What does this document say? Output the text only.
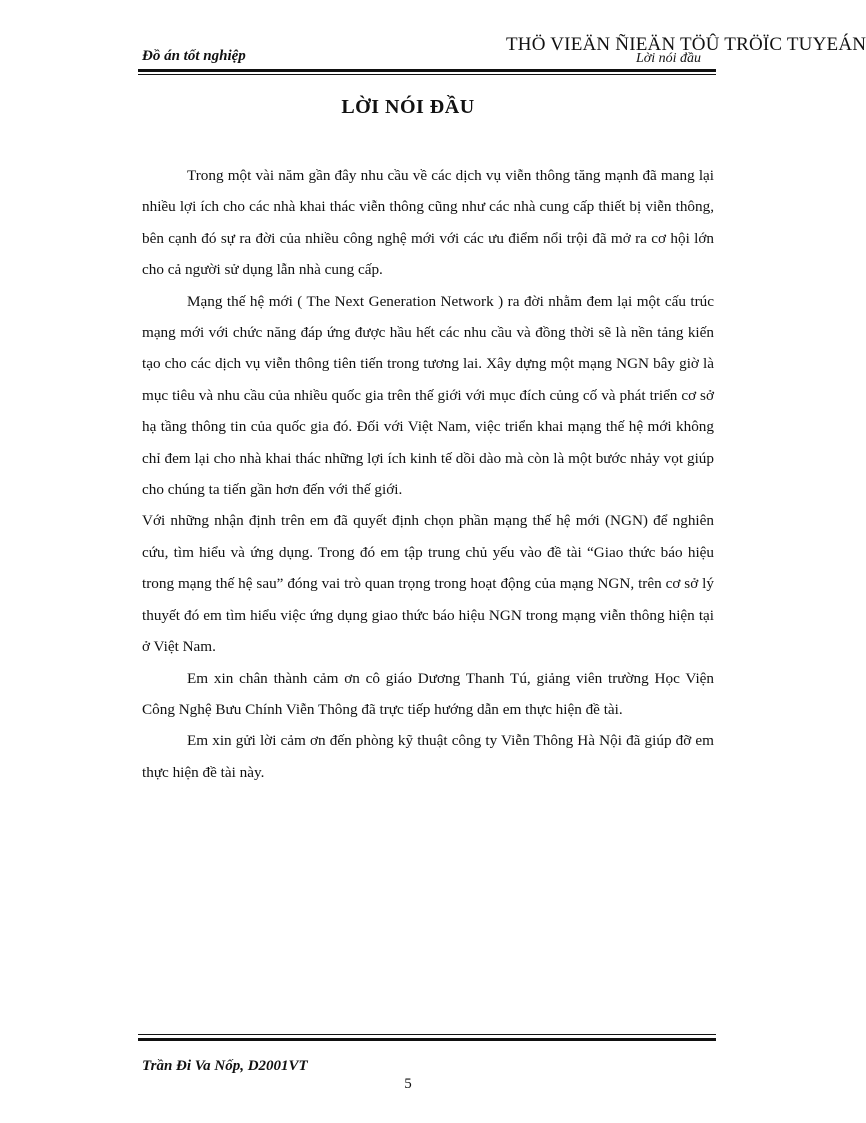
THÖ VIEÄN ÑIEÄN TÖÛ TRÖÏC TUYEÁN
Đồ án tốt nghiệp	Lời nói đầu
LỜI NÓI ĐẦU

Trong một vài năm gần đây nhu cầu về các dịch vụ viễn thông tăng mạnh đã mang lại nhiều lợi ích cho các nhà khai thác viễn thông cũng như các nhà cung cấp thiết bị viễn thông, bên cạnh đó sự ra đời của nhiều công nghệ mới với các ưu điểm nổi trội đã mở ra cơ hội lớn cho cả người sử dụng lẫn nhà cung cấp.

Mạng thế hệ mới ( The Next Generation Network ) ra đời nhằm đem lại một cấu trúc mạng mới với chức năng đáp ứng được hầu hết các nhu cầu và đồng thời sẽ là nền tảng kiến tạo cho các dịch vụ viễn thông tiên tiến trong tương lai. Xây dựng một mạng NGN bây giờ là mục tiêu và nhu cầu của nhiều quốc gia trên thế giới với mục đích củng cố và phát triển cơ sở hạ tầng thông tin của quốc gia đó. Đối với Việt Nam, việc triển khai mạng thế hệ mới không chỉ đem lại cho nhà khai thác những lợi ích kinh tế dồi dào mà còn là một bước nhảy vọt giúp cho chúng ta tiến gần hơn đến với thế giới.

Với những nhận định trên em đã quyết định chọn phần mạng thế hệ mới (NGN) để nghiên cứu, tìm hiểu và ứng dụng. Trong đó em tập trung chủ yếu vào đề tài “Giao thức báo hiệu trong mạng thế hệ sau” đóng vai trò quan trọng trong hoạt động của mạng NGN, trên cơ sở lý thuyết đó em tìm hiểu việc ứng dụng giao thức báo hiệu NGN trong mạng viễn thông hiện tại ở Việt Nam.

Em xin chân thành cảm ơn cô giáo Dương Thanh Tú, giảng viên trường Học Viện Công Nghệ Bưu Chính Viễn Thông đã trực tiếp hướng dẫn em thực hiện đề tài.

Em xin gửi lời cảm ơn đến phòng kỹ thuật công ty Viễn Thông Hà Nội đã giúp đỡ em thực hiện đề tài này.

Trần Đi Va Nốp, D2001VT
5
